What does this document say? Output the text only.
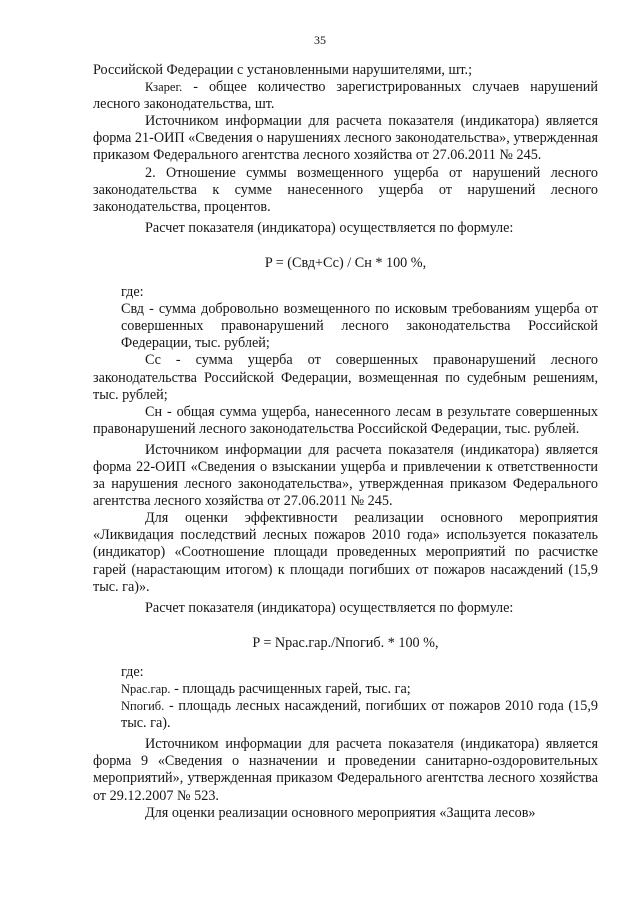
35

Российской Федерации с установленными нарушителями, шт.;

Кзарег. - общее количество зарегистрированных случаев нарушений лесного законодательства, шт.

Источником информации для расчета показателя (индикатора) является форма 21-ОИП «Сведения о нарушениях лесного законодательства», утвержденная приказом Федерального агентства лесного хозяйства от 27.06.2011 № 245.

2. Отношение суммы возмещенного ущерба от нарушений лесного законодательства к сумме нанесенного ущерба от нарушений лесного законодательства, процентов.

Расчет показателя (индикатора) осуществляется по формуле:

P = (Свд+Сс) / Сн * 100 %,

где:

Свд - сумма добровольно возмещенного по исковым требованиям ущерба от совершенных правонарушений лесного законодательства Российской Федерации, тыс. рублей;

Сс - сумма ущерба от совершенных правонарушений лесного законодательства Российской Федерации, возмещенная по судебным решениям, тыс. рублей;

Сн - общая сумма ущерба, нанесенного лесам в результате совершенных правонарушений лесного законодательства Российской Федерации, тыс. рублей.

Источником информации для расчета показателя (индикатора) является форма 22-ОИП «Сведения о взыскании ущерба и привлечении к ответственности за нарушения лесного законодательства», утвержденная приказом Федерального агентства лесного хозяйства от 27.06.2011 № 245.

Для оценки эффективности реализации основного мероприятия «Ликвидация последствий лесных пожаров 2010 года» используется показатель (индикатор) «Соотношение площади проведенных мероприятий по расчистке гарей (нарастающим итогом) к площади погибших от пожаров насаждений (15,9 тыс. га)».

Расчет показателя (индикатора) осуществляется по формуле:

P = Nрас.гар./Nпогиб. * 100 %,

где:

Nрас.гар. - площадь расчищенных гарей, тыс. га;

Nпогиб. - площадь лесных насаждений, погибших от пожаров 2010 года (15,9 тыс. га).

Источником информации для расчета показателя (индикатора) является форма 9 «Сведения о назначении и проведении санитарно-оздоровительных мероприятий», утвержденная приказом Федерального агентства лесного хозяйства от 29.12.2007 № 523.

Для оценки реализации основного мероприятия «Защита лесов»
